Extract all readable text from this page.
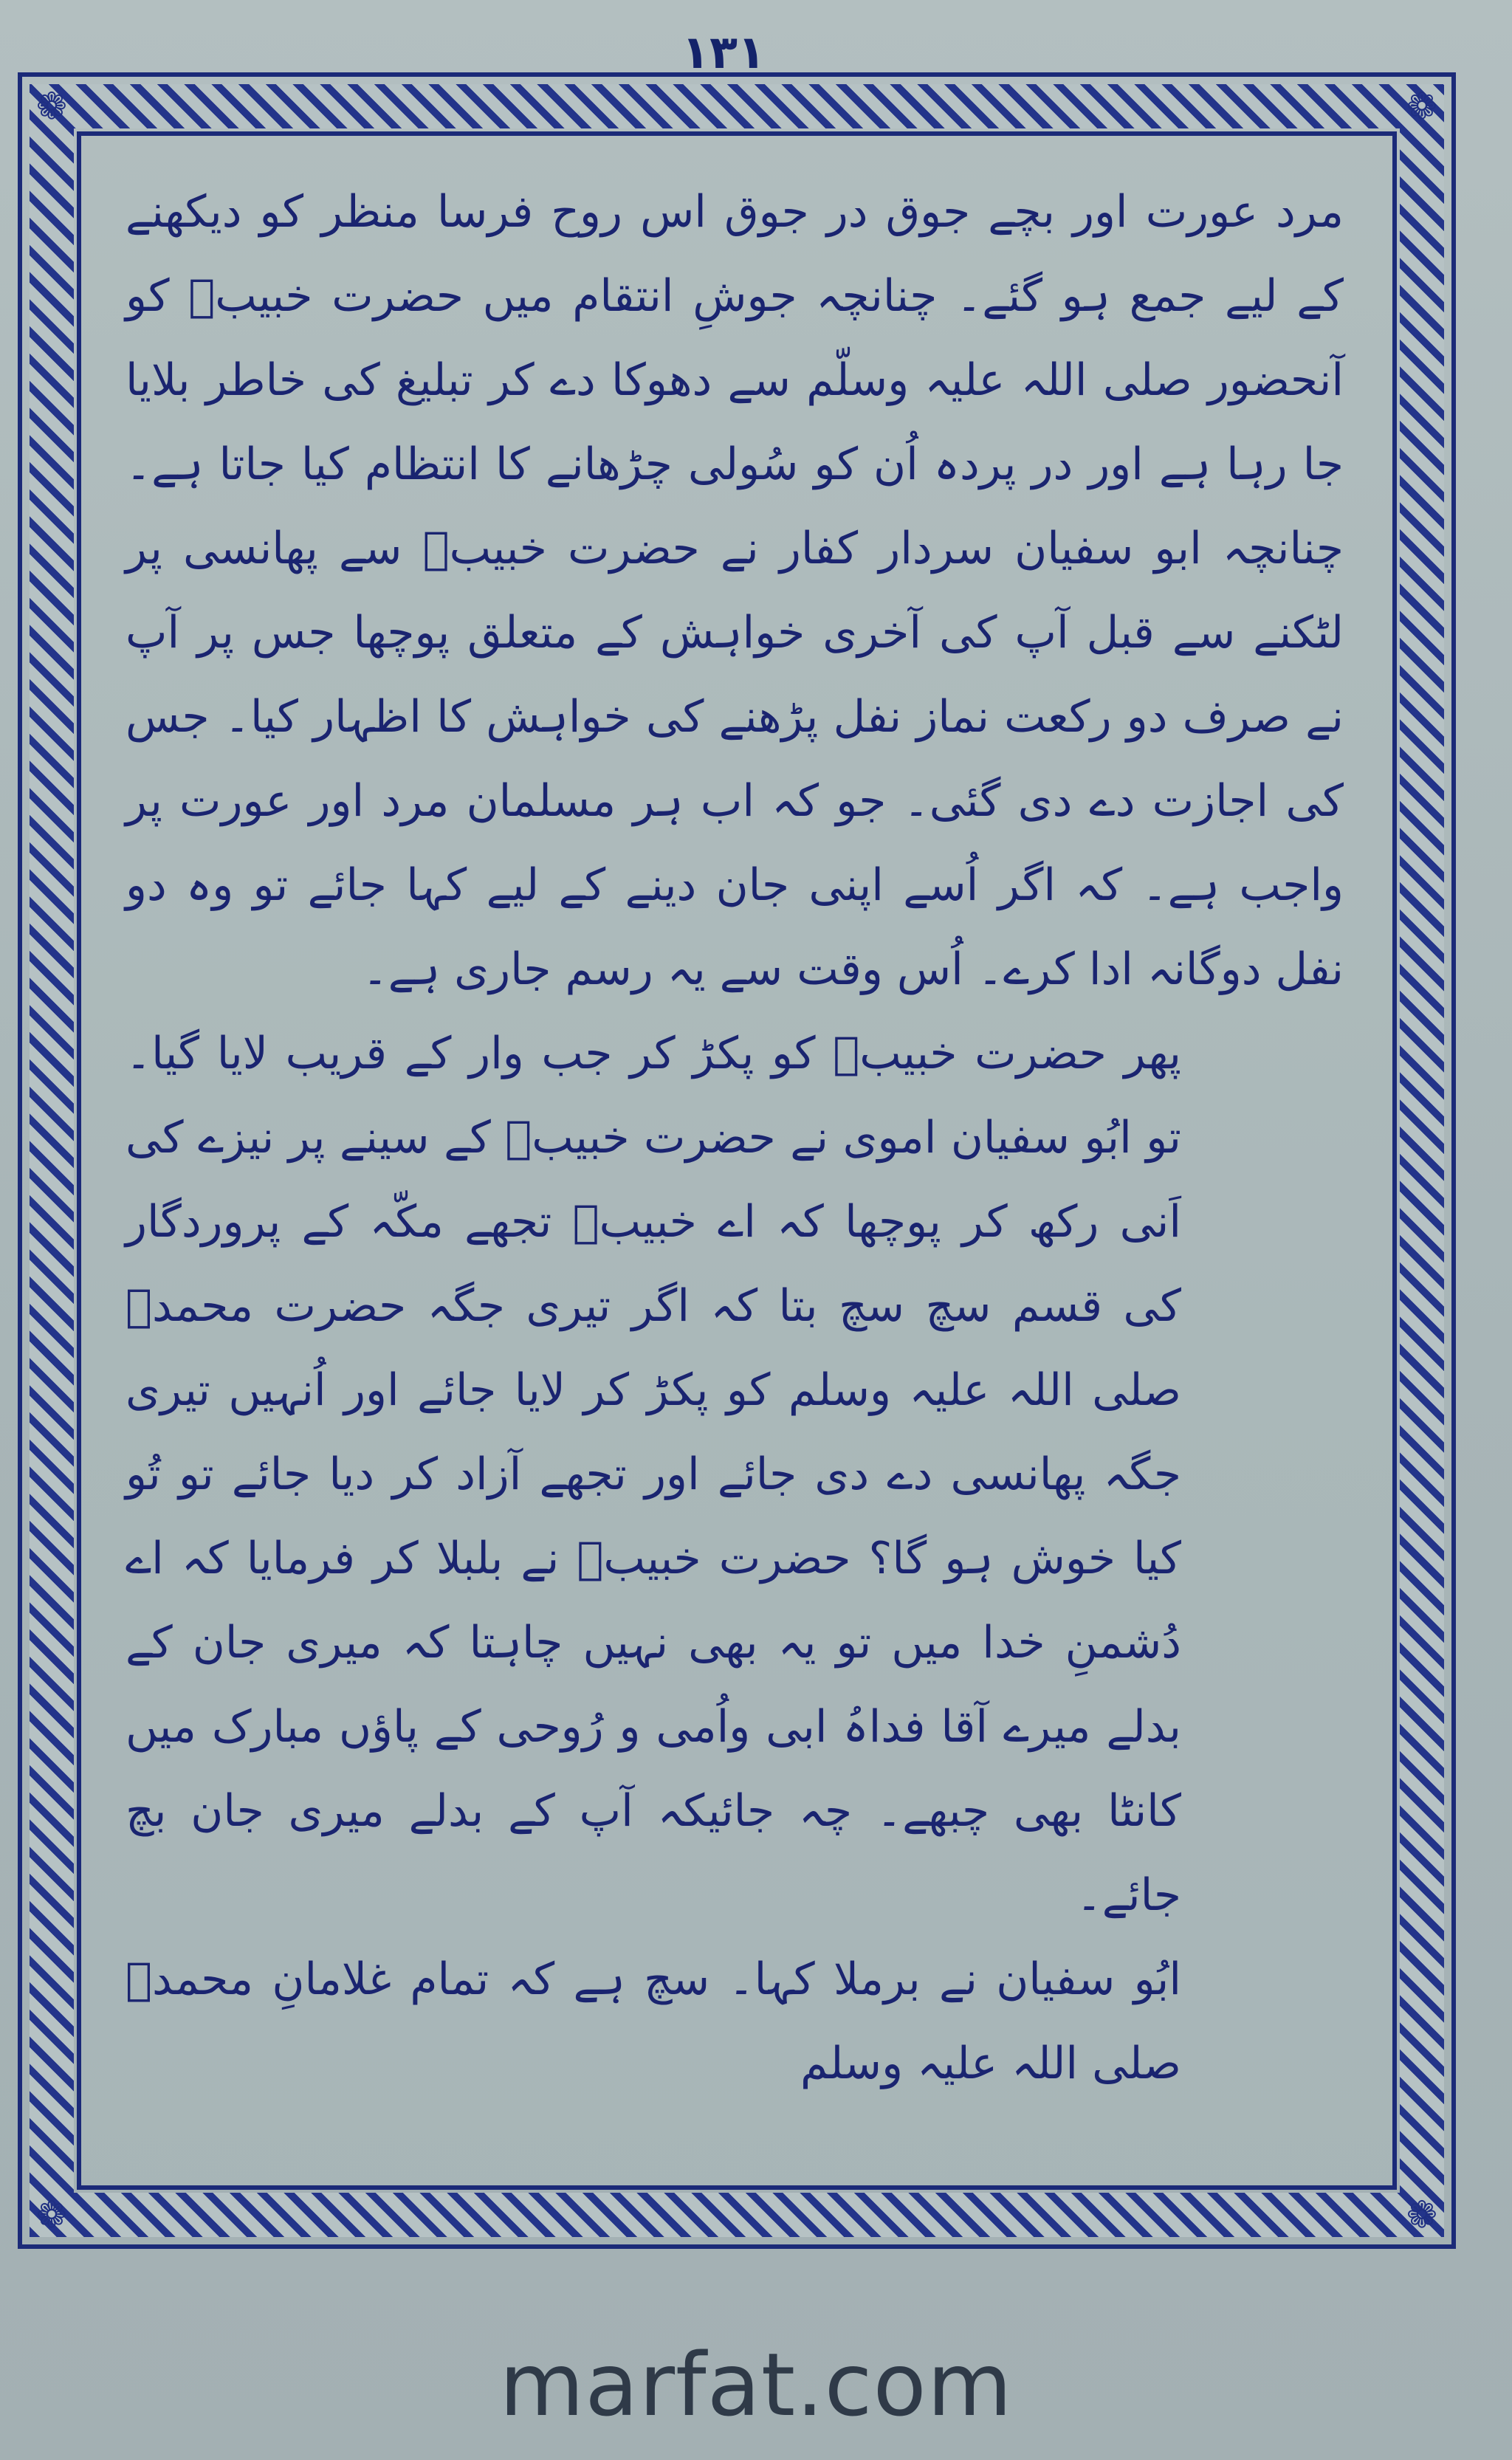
۱۳۱
❁	❁
❁	❁

مرد عورت اور بچے جوق در جوق اس روح فرسا منظر کو دیکھنے کے لیے جمع ہو گئے۔ چنانچہ جوشِ انتقام میں حضرت خبیبؓ کو آنحضور صلی اللہ علیہ وسلّم سے دھوکا دے کر تبلیغ کی خاطر بلایا جا رہا ہے اور در پردہ اُن کو سُولی چڑھانے کا انتظام کیا جاتا ہے۔ چنانچہ ابو سفیان سردار کفار نے حضرت خبیبؓ سے پھانسی پر لٹکنے سے قبل آپ کی آخری خواہش کے متعلق پوچھا جس پر آپ نے صرف دو رکعت نماز نفل پڑھنے کی خواہش کا اظہار کیا۔ جس کی اجازت دے دی گئی۔ جو کہ اب ہر مسلمان مرد اور عورت پر واجب ہے۔ کہ اگر اُسے اپنی جان دینے کے لیے کہا جائے تو وہ دو نفل دوگانہ ادا کرے۔ اُس وقت سے یہ رسم جاری ہے۔

پھر حضرت خبیبؓ کو پکڑ کر جب وار کے قریب لایا گیا۔ تو ابُو سفیان اموی نے حضرت خبیبؓ کے سینے پر نیزے کی اَنی رکھ کر پوچھا کہ اے خبیبؓ تجھے مکّہ کے پروردگار کی قسم سچ سچ بتا کہ اگر تیری جگہ حضرت محمدؐ صلی اللہ علیہ وسلم کو پکڑ کر لایا جائے اور اُنہیں تیری جگہ پھانسی دے دی جائے اور تجھے آزاد کر دیا جائے تو تُو کیا خوش ہو گا؟ حضرت خبیبؓ نے بلبلا کر فرمایا کہ اے دُشمنِ خدا میں تو یہ بھی نہیں چاہتا کہ میری جان کے بدلے میرے آقا فداہُ ابی واُمی و رُوحی کے پاؤں مبارک میں کانٹا بھی چبھے۔ چہ جائیکہ آپ کے بدلے میری جان بچ جائے۔

ابُو سفیان نے برملا کہا۔ سچ ہے کہ تمام غلامانِ محمدؐ صلی اللہ علیہ وسلم

marfat.com
